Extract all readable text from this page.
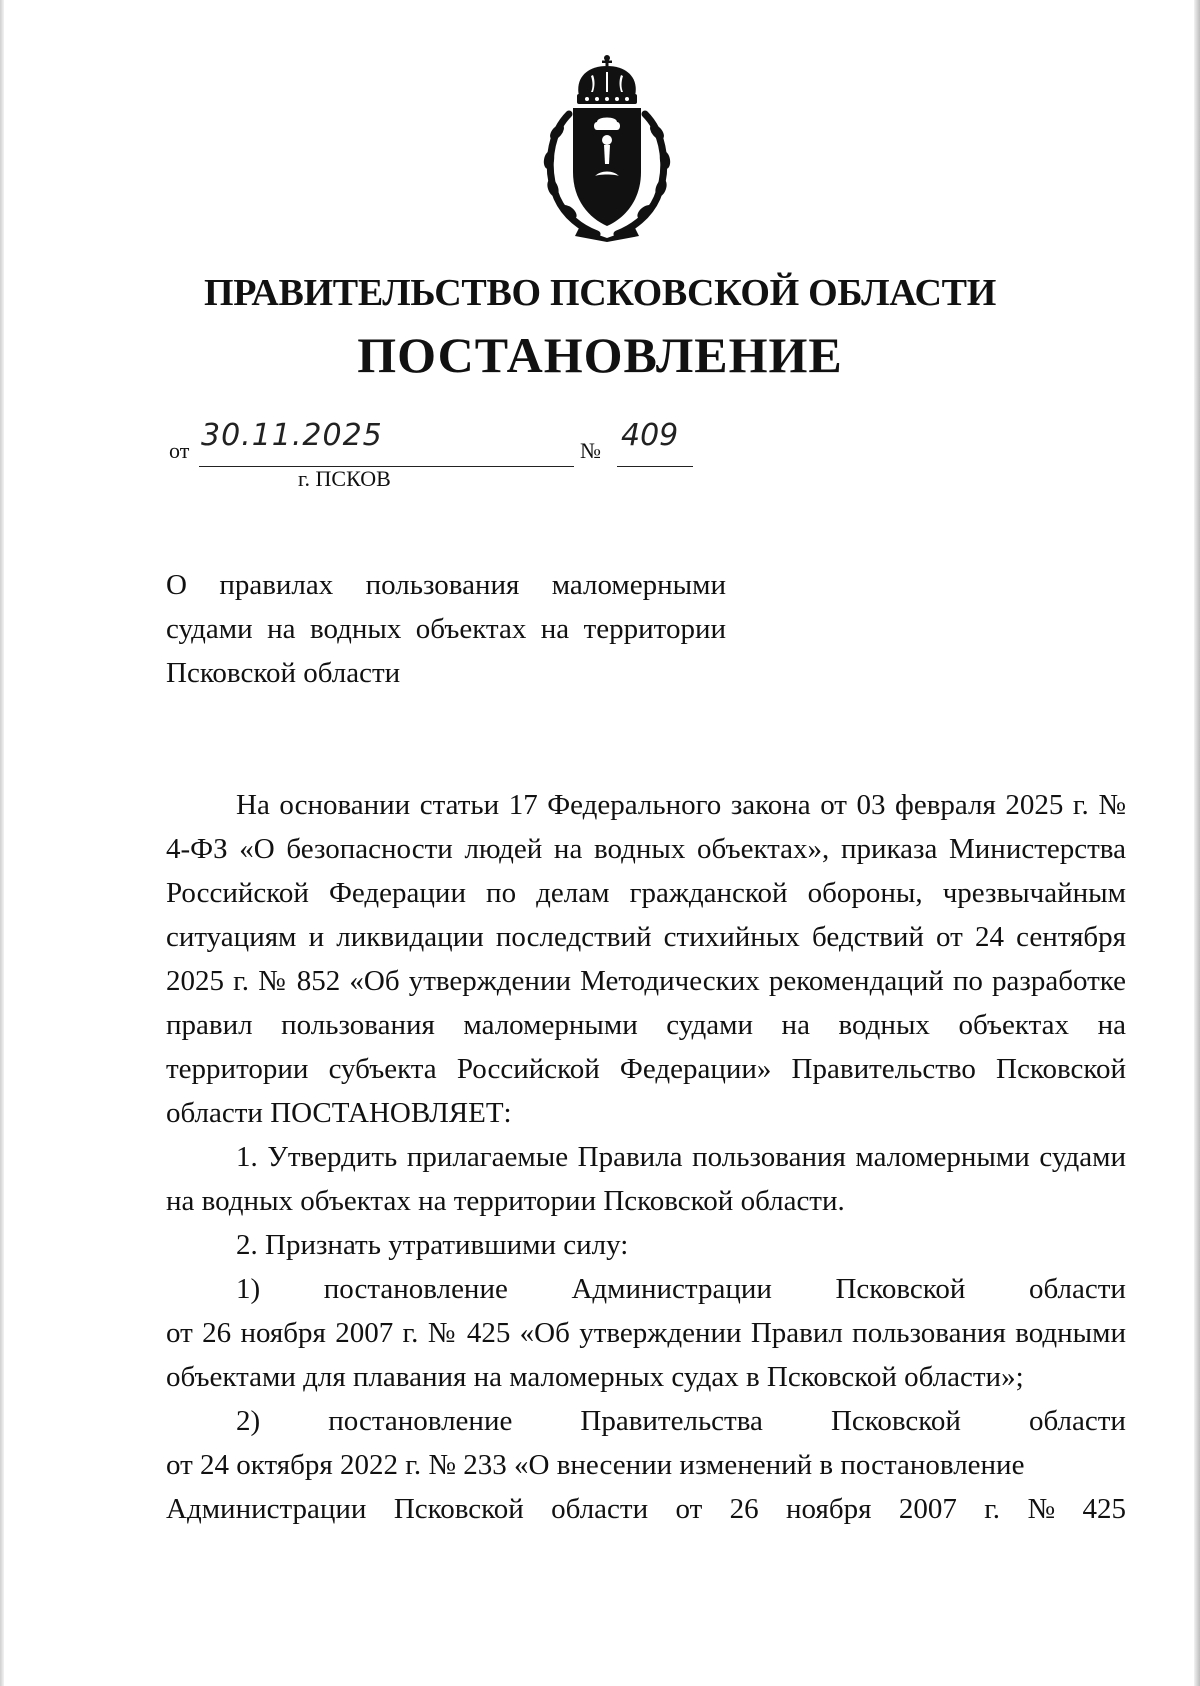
ПРАВИТЕЛЬСТВО ПСКОВСКОЙ ОБЛАСТИ
ПОСТАНОВЛЕНИЕ
от 30.11.2025	№ 409
г. ПСКОВ
О правилах пользования маломерными
судами на водных объектах на территории
Псковской области

На основании статьи 17 Федерального закона от 03 февраля 2025 г. № 4-ФЗ «О безопасности людей на водных объектах», приказа Министерства Российской Федерации по делам гражданской обороны, чрезвычайным ситуациям и ликвидации последствий стихийных бедствий от 24 сентября 2025 г. № 852 «Об утверждении Методических рекомендаций по разработке правил пользования маломерными судами на водных объектах на территории субъекта Российской Федерации» Правительство Псковской области ПОСТАНОВЛЯЕТ:

1. Утвердить прилагаемые Правила пользования маломерными судами на водных объектах на территории Псковской области.

2. Признать утратившими силу:

1) постановление Администрации Псковской области

от 26 ноября 2007 г. № 425 «Об утверждении Правил пользования водными объектами для плавания на маломерных судах в Псковской области»;

2) постановление Правительства Псковской области

от 24 октября 2022 г. № 233 «О внесении изменений в постановление

Администрации Псковской области от 26 ноября 2007 г. № 425
